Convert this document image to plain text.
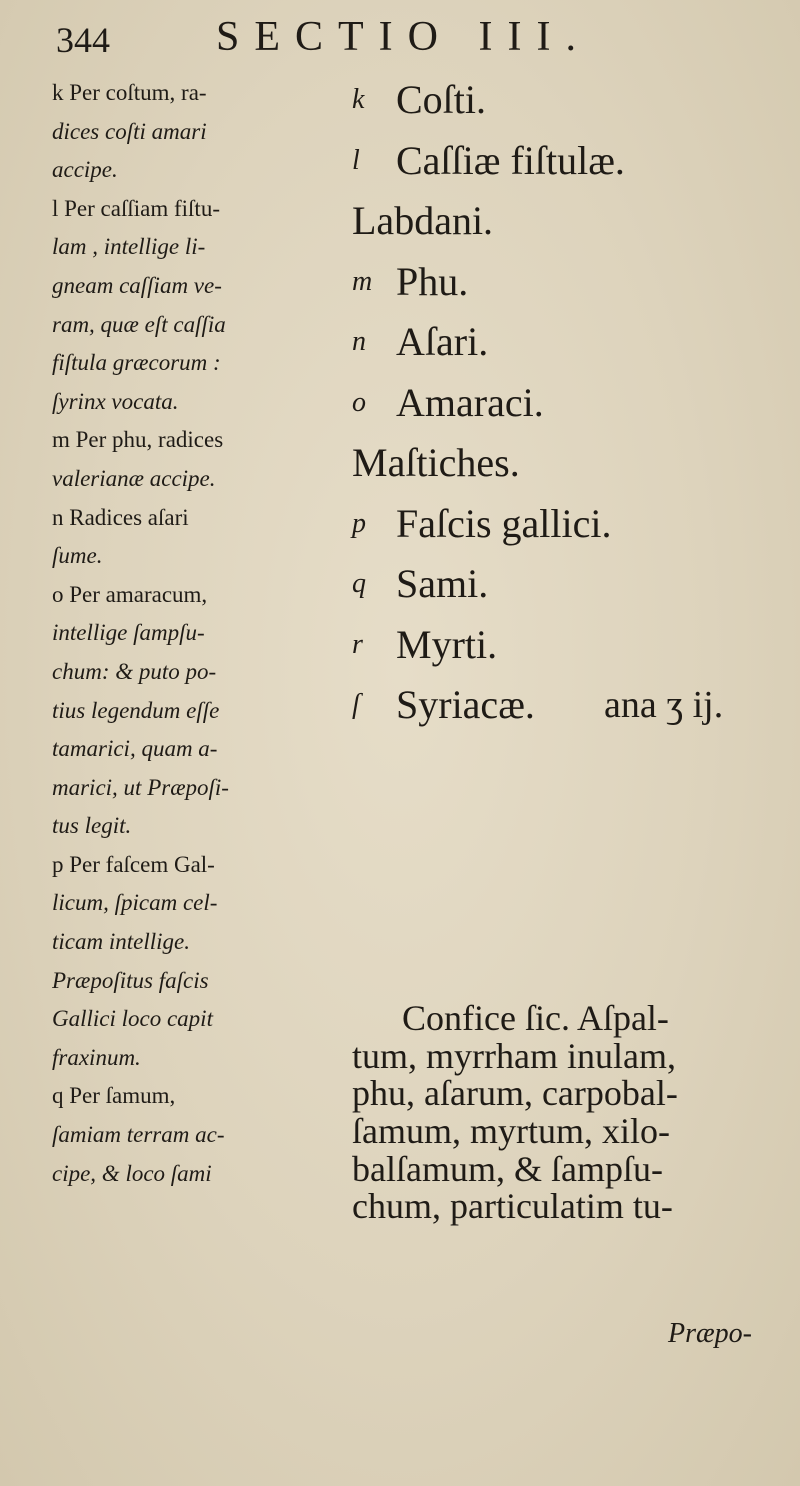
344	SECTIO III.
k Per coſtum, ra-
dices coſti amari
accipe.
l Per caſſiam fiſtu-
lam , intellige li-
gneam caſſiam ve-
ram, quæ eſt caſſia
fiſtula græcorum :
ſyrinx vocata.
m Per phu, radices
valerianæ accipe.
n Radices aſari
ſume.
o Per amaracum,
intellige ſampſu-
chum: & puto po-
tius legendum eſſe
tamarici, quam a-
marici, ut Præpoſi-
tus legit.
p Per faſcem Gal-
licum, ſpicam cel-
ticam intellige.
Præpoſitus faſcis
Gallici loco capit
fraxinum.
q Per ſamum,
ſamiam terram ac-
cipe, & loco ſami
k Coſti.
l Caſſiæ fiſtulæ.
Labdani.
m Phu.
n Aſari.
o Amaraci.
Maſtiches.
p Faſcis gallici.
q Sami.
r Myrti.
ſ Syriacæ. ana ʒ ij.
Confice ſic. Aſpal-
tum, myrrham inulam,
phu, aſarum, carpobal-
ſamum, myrtum, xilo-
balſamum, & ſampſu-
chum, particulatim tu-
Præpo-
